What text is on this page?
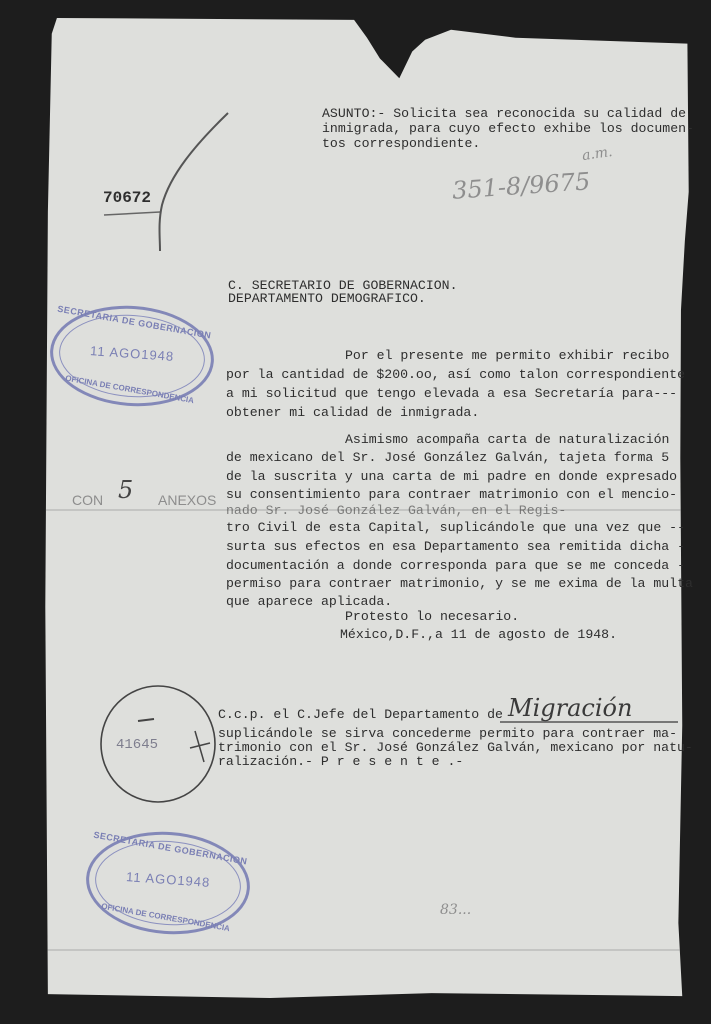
ASUNTO:- Solicita sea reconocida su calidad de
inmigrada, para cuyo efecto exhibe los documen-
tos correspondiente.
a.m.
351-8/9675
70672
C. SECRETARIO DE GOBERNACION.
DEPARTAMENTO DEMOGRAFICO.
SECRETARIA DE GOBERNACION
11 AGO1948
OFICINA DE CORRESPONDENCIA
Por el presente me permito exhibir recibo
por la cantidad de $200.oo, así como talon correspondiente
a mi solicitud que tengo elevada a esa Secretaría para---
obtener mi calidad de inmigrada.
Asimismo acompaña carta de naturalización
de mexicano del Sr. José González Galván, tajeta forma 5
de la suscrita y una carta de mi padre en donde expresado
su consentimiento para contraer matrimonio con el mencio-
nado Sr. José González Galván, en el Regis-
tro Civil de esta Capital, suplicándole que una vez que --
surta sus efectos en esa Departamento sea remitida dicha -
documentación a donde corresponda para que se me conceda -
permiso para contraer matrimonio, y se me exima de la multa
que aparece aplicada.
Protesto lo necesario.
México,D.F.,a 11 de agosto de 1948.
CON 5 ANEXOS
41645
C.c.p. el C.Jefe del Departamento de Migración
suplicándole se sirva concederme permito para contraer ma-
trimonio con el Sr. José González Galván, mexicano por natu-
ralización.- P r e s e n t e .-
SECRETARIA DE GOBERNACION
11 AGO1948
OFICINA DE CORRESPONDENCIA	83...
